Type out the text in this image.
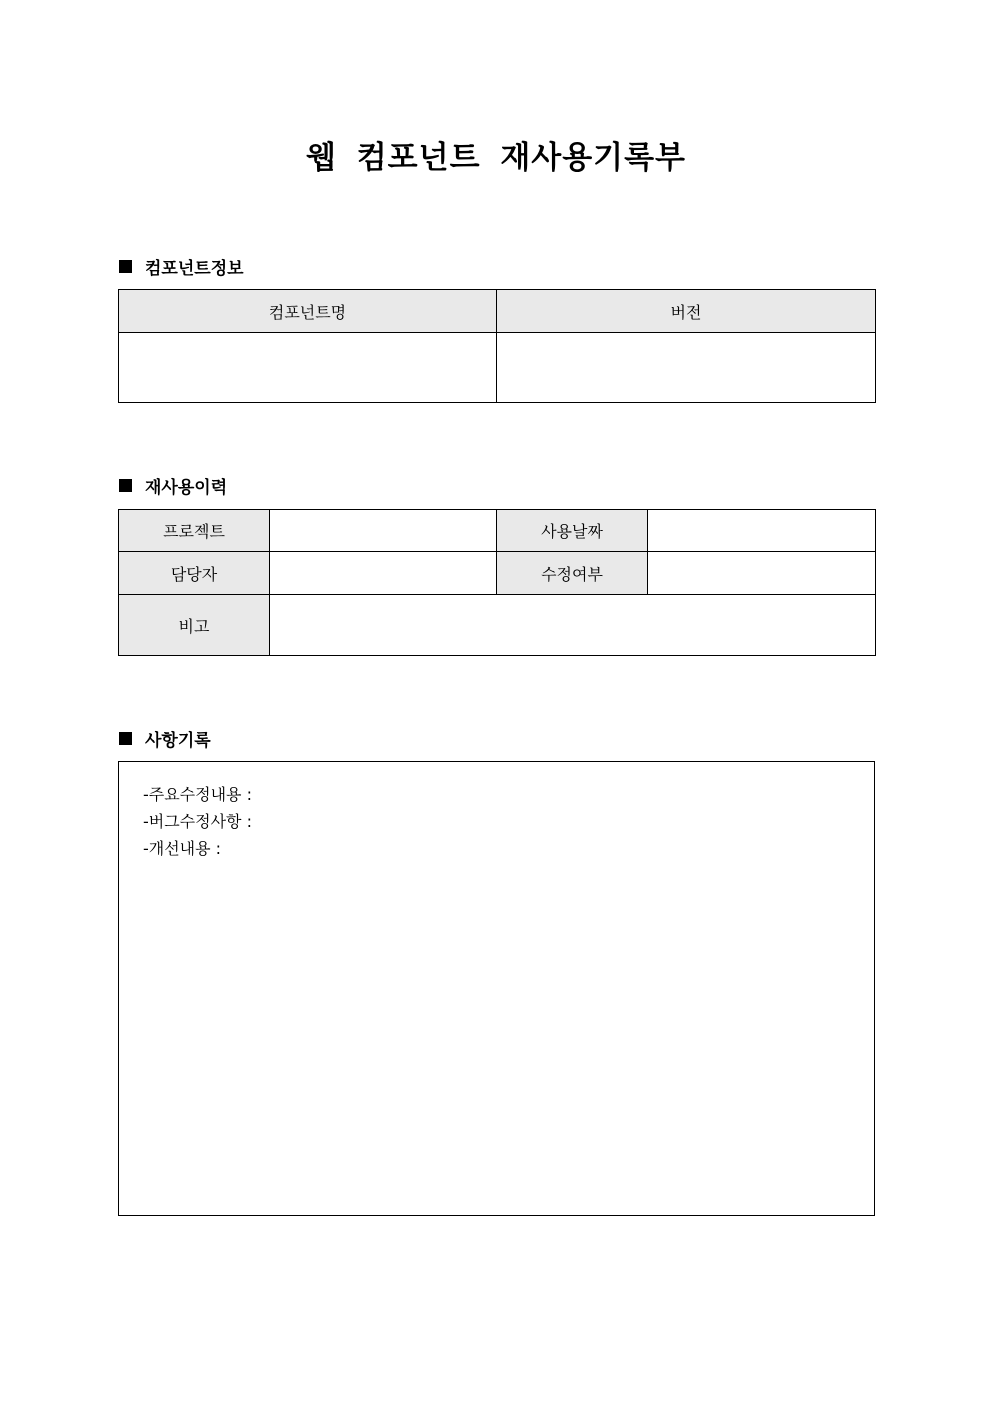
웹 컴포넌트 재사용기록부
컴포넌트정보
컴포넌트명	버전

재사용이력
프로젝트		사용날짜	
담당자		수정여부	
비고			
사항기록
-주요수정내용 :
-버그수정사항 :
-개선내용 :
